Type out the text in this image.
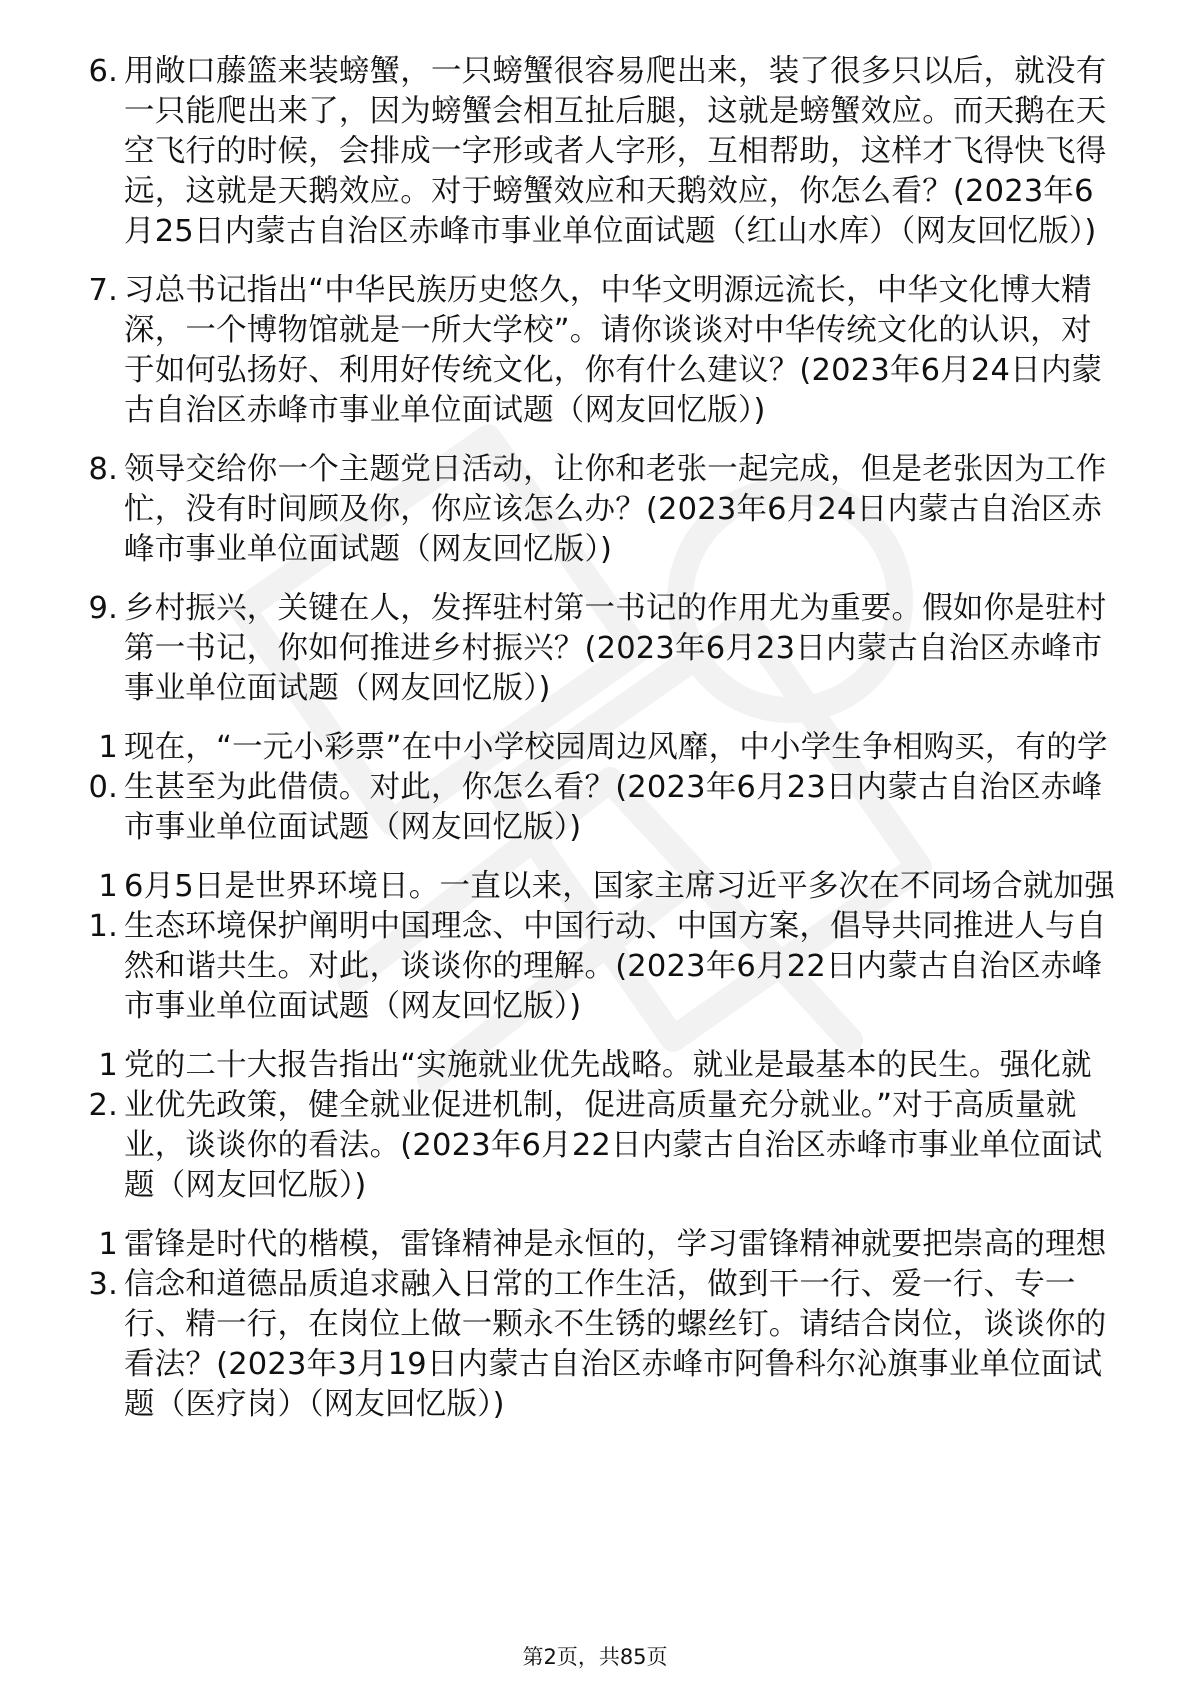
6. 用敞口藤篮来装螃蟹，一只螃蟹很容易爬出来，装了很多只以后，就没有一只能爬出来了，因为螃蟹会相互扯后腿，这就是螃蟹效应。而天鹅在天空飞行的时候，会排成一字形或者人字形，互相帮助，这样才飞得快飞得远，这就是天鹅效应。对于螃蟹效应和天鹅效应，你怎么看？(2023年6月25日内蒙古自治区赤峰市事业单位面试题（红山水库）（网友回忆版）)
7. 习总书记指出“中华民族历史悠久，中华文明源远流长，中华文化博大精深，一个博物馆就是一所大学校”。请你谈谈对中华传统文化的认识，对于如何弘扬好、利用好传统文化，你有什么建议？(2023年6月24日内蒙古自治区赤峰市事业单位面试题（网友回忆版）)
8. 领导交给你一个主题党日活动，让你和老张一起完成，但是老张因为工作忙，没有时间顾及你，你应该怎么办？(2023年6月24日内蒙古自治区赤峰市事业单位面试题（网友回忆版）)
9. 乡村振兴，关键在人，发挥驻村第一书记的作用尤为重要。假如你是驻村第一书记，你如何推进乡村振兴？(2023年6月23日内蒙古自治区赤峰市事业单位面试题（网友回忆版）)
10.
现在，“一元小彩票”在中小学校园周边风靡，中小学生争相购买，有的学生甚至为此借债。对此，你怎么看？(2023年6月23日内蒙古自治区赤峰市事业单位面试题（网友回忆版）)
11.
6月5日是世界环境日。一直以来，国家主席习近平多次在不同场合就加强生态环境保护阐明中国理念、中国行动、中国方案，倡导共同推进人与自然和谐共生。对此，谈谈你的理解。(2023年6月22日内蒙古自治区赤峰市事业单位面试题（网友回忆版）)
12.
党的二十大报告指出“实施就业优先战略。就业是最基本的民生。强化就业优先政策，健全就业促进机制，促进高质量充分就业。”对于高质量就业，谈谈你的看法。(2023年6月22日内蒙古自治区赤峰市事业单位面试题（网友回忆版）)
13.
雷锋是时代的楷模，雷锋精神是永恒的，学习雷锋精神就要把崇高的理想信念和道德品质追求融入日常的工作生活，做到干一行、爱一行、专一行、精一行，在岗位上做一颗永不生锈的螺丝钉。请结合岗位，谈谈你的看法？(2023年3月19日内蒙古自治区赤峰市阿鲁科尔沁旗事业单位面试题（医疗岗）（网友回忆版）)
第2页，共85页
